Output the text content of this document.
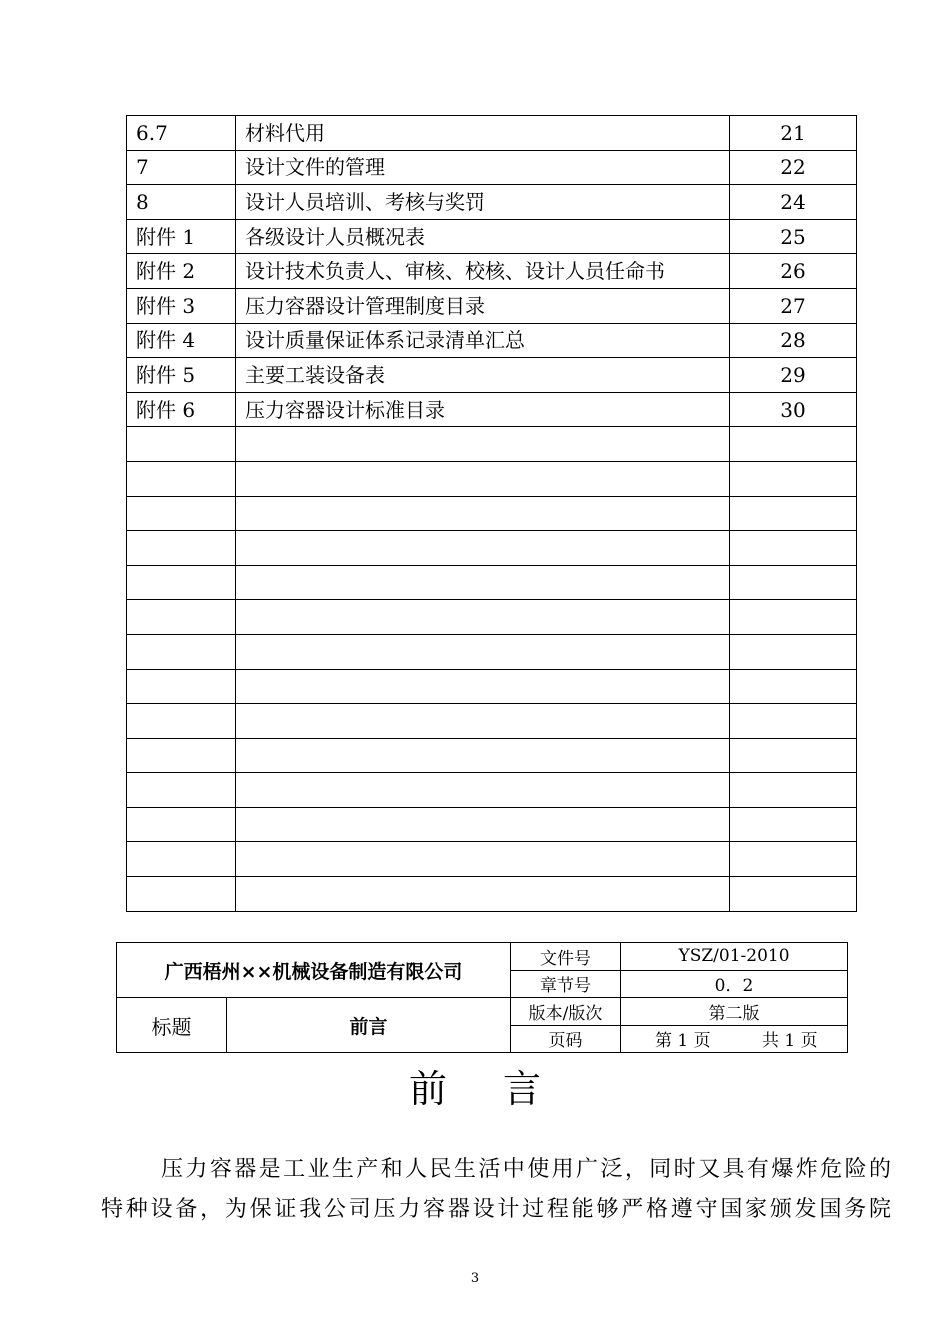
6.7	材料代用	21
7	设计文件的管理	22
8	设计人员培训、考核与奖罚	24
附件 1	各级设计人员概况表	25
附件 2	设计技术负责人、审核、校核、设计人员任命书	26
附件 3	压力容器设计管理制度目录	27
附件 4	设计质量保证体系记录清单汇总	28
附件 5	主要工装设备表	29
附件 6	压力容器设计标准目录	30

广西梧州××机械设备制造有限公司		文件号	YSZ/01-2010
		章节号	0．2
标题	前言	版本/版次	第二版
		页码	第 1 页 共 1 页
前 言

压力容器是工业生产和人民生活中使用广泛，同时又具有爆炸危险的

特种设备，为保证我公司压力容器设计过程能够严格遵守国家颁发国务院

3
